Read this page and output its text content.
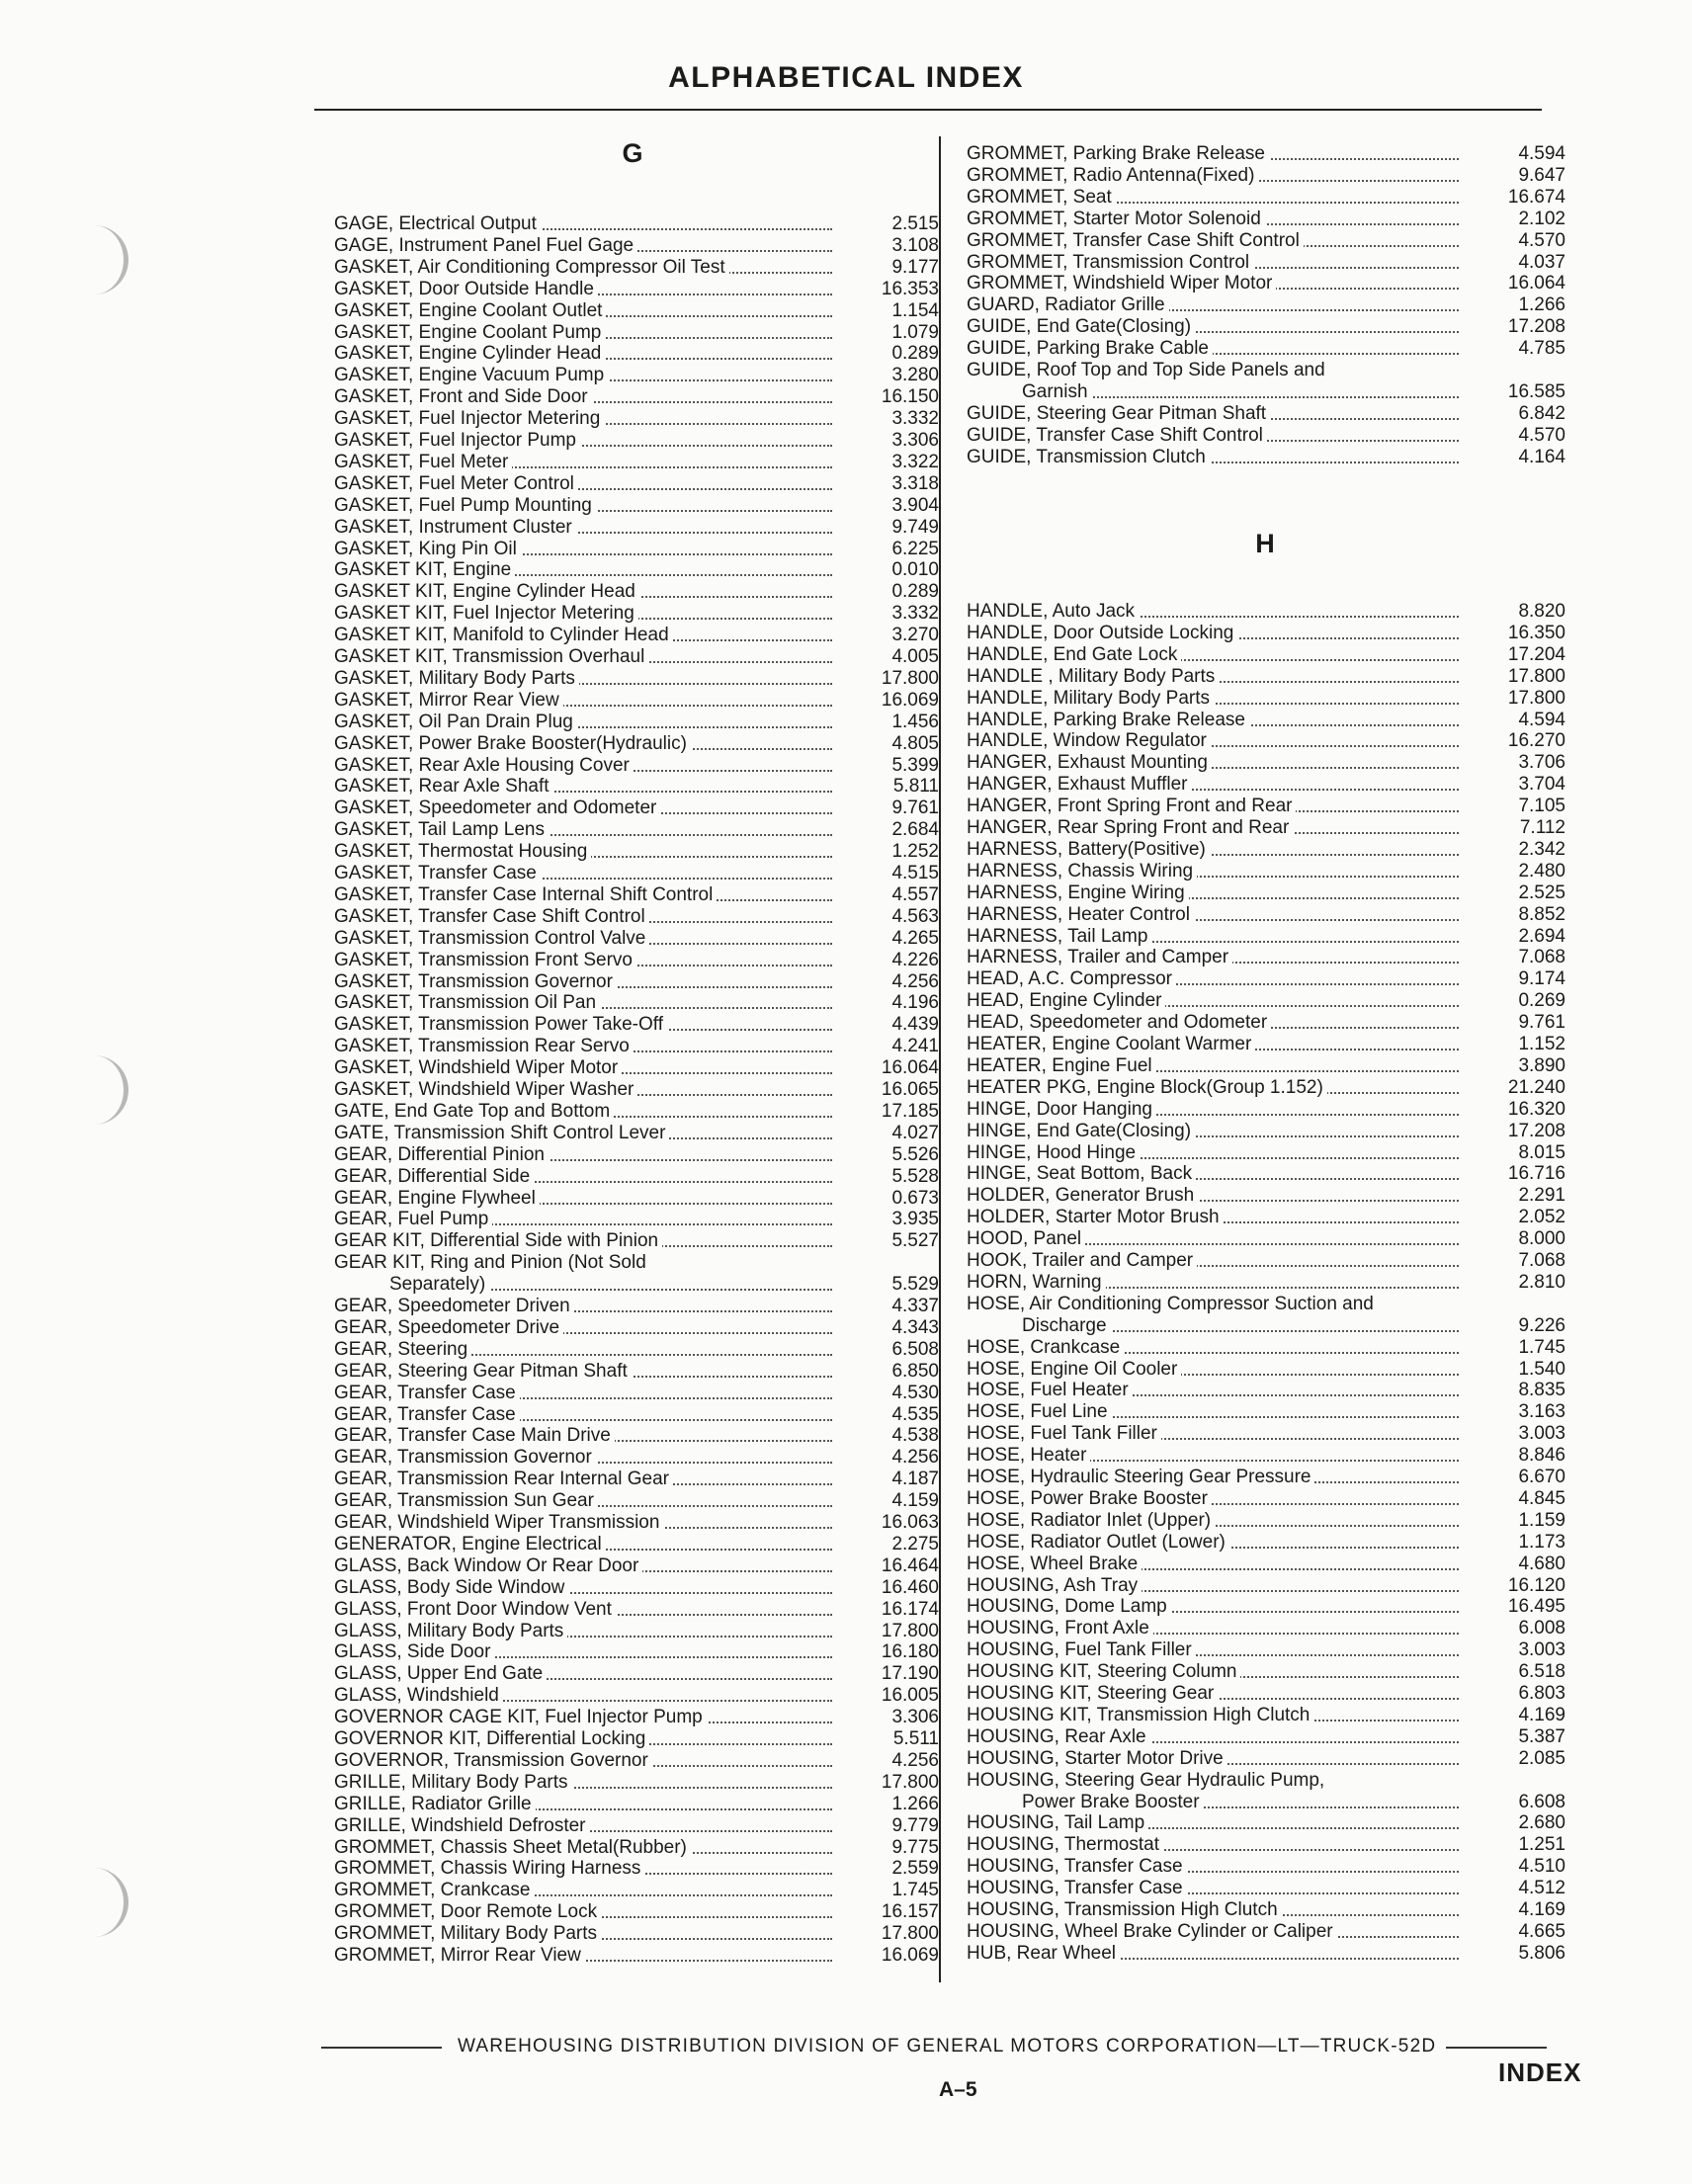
ALPHABETICAL INDEX
G
H
GAGE, Electrical Output	2.515
GAGE, Instrument Panel Fuel Gage	3.108
GASKET, Air Conditioning Compressor Oil Test	9.177
GASKET, Door Outside Handle	16.353
GASKET, Engine Coolant Outlet	1.154
GASKET, Engine Coolant Pump	1.079
GASKET, Engine Cylinder Head	0.289
GASKET, Engine Vacuum Pump	3.280
GASKET, Front and Side Door	16.150
GASKET, Fuel Injector Metering	3.332
GASKET, Fuel Injector Pump	3.306
GASKET, Fuel Meter	3.322
GASKET, Fuel Meter Control	3.318
GASKET, Fuel Pump Mounting	3.904
GASKET, Instrument Cluster	9.749
GASKET, King Pin Oil	6.225
GASKET KIT, Engine	0.010
GASKET KIT, Engine Cylinder Head	0.289
GASKET KIT, Fuel Injector Metering	3.332
GASKET KIT, Manifold to Cylinder Head	3.270
GASKET KIT, Transmission Overhaul	4.005
GASKET, Military Body Parts	17.800
GASKET, Mirror Rear View	16.069
GASKET, Oil Pan Drain Plug	1.456
GASKET, Power Brake Booster(Hydraulic)	4.805
GASKET, Rear Axle Housing Cover	5.399
GASKET, Rear Axle Shaft	5.811
GASKET, Speedometer and Odometer	9.761
GASKET, Tail Lamp Lens	2.684
GASKET, Thermostat Housing	1.252
GASKET, Transfer Case	4.515
GASKET, Transfer Case Internal Shift Control	4.557
GASKET, Transfer Case Shift Control	4.563
GASKET, Transmission Control Valve	4.265
GASKET, Transmission Front Servo	4.226
GASKET, Transmission Governor	4.256
GASKET, Transmission Oil Pan	4.196
GASKET, Transmission Power Take-Off	4.439
GASKET, Transmission Rear Servo	4.241
GASKET, Windshield Wiper Motor	16.064
GASKET, Windshield Wiper Washer	16.065
GATE, End Gate Top and Bottom	17.185
GATE, Transmission Shift Control Lever	4.027
GEAR, Differential Pinion	5.526
GEAR, Differential Side	5.528
GEAR, Engine Flywheel	0.673
GEAR, Fuel Pump	3.935
GEAR KIT, Differential Side with Pinion	5.527
GEAR KIT, Ring and Pinion (Not Sold
Separately)	5.529
GEAR, Speedometer Driven	4.337
GEAR, Speedometer Drive	4.343
GEAR, Steering	6.508
GEAR, Steering Gear Pitman Shaft	6.850
GEAR, Transfer Case	4.530
GEAR, Transfer Case	4.535
GEAR, Transfer Case Main Drive	4.538
GEAR, Transmission Governor	4.256
GEAR, Transmission Rear Internal Gear	4.187
GEAR, Transmission Sun Gear	4.159
GEAR, Windshield Wiper Transmission	16.063
GENERATOR, Engine Electrical	2.275
GLASS, Back Window Or Rear Door	16.464
GLASS, Body Side Window	16.460
GLASS, Front Door Window Vent	16.174
GLASS, Military Body Parts	17.800
GLASS, Side Door	16.180
GLASS, Upper End Gate	17.190
GLASS, Windshield	16.005
GOVERNOR CAGE KIT, Fuel Injector Pump	3.306
GOVERNOR KIT, Differential Locking	5.511
GOVERNOR, Transmission Governor	4.256
GRILLE, Military Body Parts	17.800
GRILLE, Radiator Grille	1.266
GRILLE, Windshield Defroster	9.779
GROMMET, Chassis Sheet Metal(Rubber)	9.775
GROMMET, Chassis Wiring Harness	2.559
GROMMET, Crankcase	1.745
GROMMET, Door Remote Lock	16.157
GROMMET, Military Body Parts	17.800
GROMMET, Mirror Rear View	16.069
GROMMET, Parking Brake Release	4.594
GROMMET, Radio Antenna(Fixed)	9.647
GROMMET, Seat	16.674
GROMMET, Starter Motor Solenoid	2.102
GROMMET, Transfer Case Shift Control	4.570
GROMMET, Transmission Control	4.037
GROMMET, Windshield Wiper Motor	16.064
GUARD, Radiator Grille	1.266
GUIDE, End Gate(Closing)	17.208
GUIDE, Parking Brake Cable	4.785
GUIDE, Roof Top and Top Side Panels and
Garnish	16.585
GUIDE, Steering Gear Pitman Shaft	6.842
GUIDE, Transfer Case Shift Control	4.570
GUIDE, Transmission Clutch	4.164
HANDLE, Auto Jack	8.820
HANDLE, Door Outside Locking	16.350
HANDLE, End Gate Lock	17.204
HANDLE , Military Body Parts	17.800
HANDLE, Military Body Parts	17.800
HANDLE, Parking Brake Release	4.594
HANDLE, Window Regulator	16.270
HANGER, Exhaust Mounting	3.706
HANGER, Exhaust Muffler	3.704
HANGER, Front Spring Front and Rear	7.105
HANGER, Rear Spring Front and Rear	7.112
HARNESS, Battery(Positive)	2.342
HARNESS, Chassis Wiring	2.480
HARNESS, Engine Wiring	2.525
HARNESS, Heater Control	8.852
HARNESS, Tail Lamp	2.694
HARNESS, Trailer and Camper	7.068
HEAD, A.C. Compressor	9.174
HEAD, Engine Cylinder	0.269
HEAD, Speedometer and Odometer	9.761
HEATER, Engine Coolant Warmer	1.152
HEATER, Engine Fuel	3.890
HEATER PKG, Engine Block(Group 1.152)	21.240
HINGE, Door Hanging	16.320
HINGE, End Gate(Closing)	17.208
HINGE, Hood Hinge	8.015
HINGE, Seat Bottom, Back	16.716
HOLDER, Generator Brush	2.291
HOLDER, Starter Motor Brush	2.052
HOOD, Panel	8.000
HOOK, Trailer and Camper	7.068
HORN, Warning	2.810
HOSE, Air Conditioning Compressor Suction and
Discharge	9.226
HOSE, Crankcase	1.745
HOSE, Engine Oil Cooler	1.540
HOSE, Fuel Heater	8.835
HOSE, Fuel Line	3.163
HOSE, Fuel Tank Filler	3.003
HOSE, Heater	8.846
HOSE, Hydraulic Steering Gear Pressure	6.670
HOSE, Power Brake Booster	4.845
HOSE, Radiator Inlet (Upper)	1.159
HOSE, Radiator Outlet (Lower)	1.173
HOSE, Wheel Brake	4.680
HOUSING, Ash Tray	16.120
HOUSING, Dome Lamp	16.495
HOUSING, Front Axle	6.008
HOUSING, Fuel Tank Filler	3.003
HOUSING KIT, Steering Column	6.518
HOUSING KIT, Steering Gear	6.803
HOUSING KIT, Transmission High Clutch	4.169
HOUSING, Rear Axle	5.387
HOUSING, Starter Motor Drive	2.085
HOUSING, Steering Gear Hydraulic Pump,
Power Brake Booster	6.608
HOUSING, Tail Lamp	2.680
HOUSING, Thermostat	1.251
HOUSING, Transfer Case	4.510
HOUSING, Transfer Case	4.512
HOUSING, Transmission High Clutch	4.169
HOUSING, Wheel Brake Cylinder or Caliper	4.665
HUB, Rear Wheel	5.806
WAREHOUSING DISTRIBUTION DIVISION OF GENERAL MOTORS CORPORATION—LT—TRUCK-52D
A–5
INDEX
